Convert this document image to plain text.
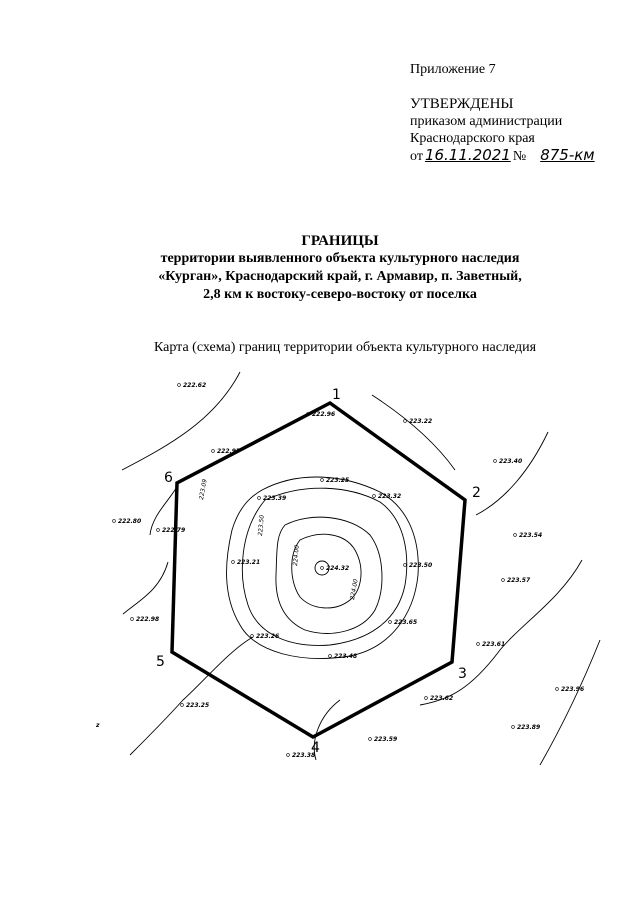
Приложение 7
УТВЕРЖДЕНЫ
приказом администрации
Краснодарского края
от 16.11.2021 № 875-км
ГРАНИЦЫ
территории выявленного объекта культурного наследия
«Курган», Краснодарский край, г. Армавир, п. Заветный,
2,8 км к востоку-северо-востоку от поселка
Карта (схема) границ территории объекта культурного наследия
1
2
3
4
5
6
222.62
223.22
223.40
222.97
223.25
223.39	223.32
222.80
222.79
223.54
223.21
224.32	223.50
223.57
222.98	223.65
223.61
223.26
223.48
223.62
223.96
223.25
223.89
223.59
223.38
222.96
223.09
223.50
224.00
224.00
z
